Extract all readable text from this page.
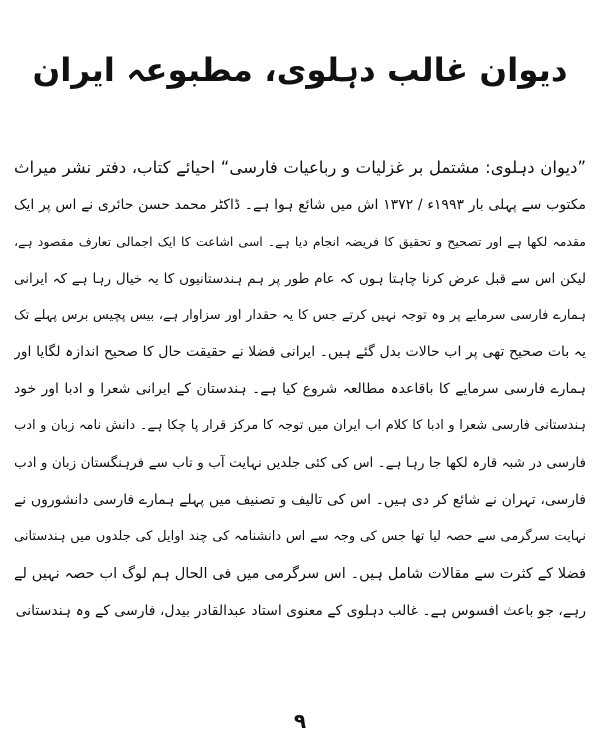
دیوان غالب دہلوی، مطبوعہ ایران
”دیوان دہلوی: مشتمل بر غزلیات و رباعیات فارسی“ احیائے کتاب، دفتر نشر میراث
مکتوب سے پہلی بار ۱۹۹۳ء / ۱۳۷۲ اش میں شائع ہوا ہے۔ ڈاکٹر محمد حسن حائری نے اس پر ایک
مقدمہ لکھا ہے اور تصحیح و تحقیق کا فریضہ انجام دیا ہے۔ اسی اشاعت کا ایک اجمالی تعارف مقصود ہے،
لیکن اس سے قبل عرض کرنا چاہتا ہوں کہ عام طور پر ہم ہندستانیوں کا یہ خیال رہا ہے کہ ایرانی
ہمارے فارسی سرمایے پر وہ توجہ نہیں کرتے جس کا یہ حقدار اور سزاوار ہے، بیس پچیس برس پہلے تک
یہ بات صحیح تھی پر اب حالات بدل گئے ہیں۔ ایرانی فضلا نے حقیقت حال کا صحیح اندازہ لگایا اور
ہمارے فارسی سرمایے کا باقاعدہ مطالعہ شروع کیا ہے۔ ہندستان کے ایرانی شعرا و ادبا اور خود
ہندستانی فارسی شعرا و ادبا کا کلام اب ایران میں توجہ کا مرکز قرار پا چکا ہے۔ دانش نامہ زبان و ادب
فارسی در شبہ قارہ لکھا جا رہا ہے۔ اس کی کئی جلدیں نہایت آب و تاب سے فرہنگستان زبان و ادب
فارسی، تہران نے شائع کر دی ہیں۔ اس کی تالیف و تصنیف میں پہلے ہمارے فارسی دانشوروں نے
نہایت سرگرمی سے حصہ لیا تھا جس کی وجہ سے اس دانشنامہ کی چند اوایل کی جلدوں میں ہندستانی
فضلا کے کثرت سے مقالات شامل ہیں۔ اس سرگرمی میں فی الحال ہم لوگ اب حصہ نہیں لے
رہے، جو باعث افسوس ہے۔ غالب دہلوی کے معنوی استاد عبدالقادر بیدل، فارسی کے وہ ہندستانی
۹
